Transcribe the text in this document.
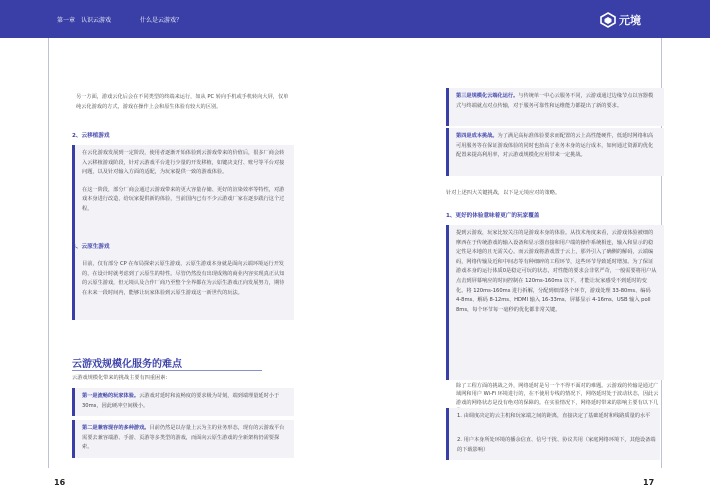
第一章　认识云游戏	什么是云游戏？	元境
另一方面，游戏云化后会在不同类型的终端来运行，如从 PC 转向手机或手机转向大屏，仅单纯云化游戏的方式，游戏在操作上会和原生体验有较大的区别。
2、云移植游戏
在云化游戏发展到一定阶段，使用者逐渐开始体验到云游戏带来的价值后，很多厂商会转入云移植游戏阶段，针对云游戏平台进行少量的开发移植，如键决支付、账号等平台对接问题，以及针对输入方面的适配，为玩家提供一致的游戏体验。
在这一阶段，部分厂商会通过云游戏带来的更大容量存储、更好的渲染效率等特性，对游戏本身进行改造，给玩家提供新的体验，当前国内已有不少云游戏厂家在逐步践行这个过程。
3、云原生游戏
目前，仅有部分 CP 在布局探索云原生游戏，云原生游戏本身就是面向云端环境运行开发的，在设计时就考虑到了云原生的特性。尽管仍然没有出现成熟的商业内容实现真正认知的云原生游戏，但元境认及合作厂商乃至整个全界都在为云原生游戏正向发展努力，期待在未来一段时间内，能够让玩家体验到云原生游戏这一新世代的玩法。
云游戏规模化服务的难点
云游戏规模化带来的挑战主要有四重困素：
第一是流畅的玩家体验。云游戏对延时和流畅度的要求极为苛刻，端到端理量延时小于 30ms，因此硬冲空间极小。
第二是兼容现存的多种游戏。目前仍然是以存量上云为主的业务形态，现有的云游戏平台需要去兼容端游、手游、页游等多类型的游戏，而面向云原生游戏的全新架构仍需要探索。
第三是规模化云端化运行。与传统单一中心云服务不同，云游戏通过边缘节点以容器模式与终端就点对点传输，对于服务可靠性和运维能力都提出了新的要求。
第四是成本挑战。为了满足高标准体验要求而配置的云上高性能硬件，低延时网络和高可用服务等在保证游戏体验的同时也抬高了业务本身的运行成本，如何通过资源的优化配置来提高利用率，对云游戏规模化应用带来一定挑战。
针对上述四大关键挑战，以下是元境应对的策略。
1、更好的体验意味着更广的玩家覆盖
提到云游戏，玩家比较关注的是游戏本身的体验。从技术角度来看，云游戏体验被细的摩西在于传统游戏的输入设备和显示器直接和用户端的操作系统相连，输入和显示的稳定性是本地的且无需关心。而云游戏将游戏置于云上，那外引入了确侧的解码，云端编码，网络传输及近和中间态等有种细碎的工程环节，这些环节导致延时增加。为了保证游戏本身的运行体质0是稳定可玩的状态，对性能的要求会非常严苛，一般需要将用户从点击到屏幕响应的时间控制在 120ms-160ms 以下，才能让玩家感受不到延时的变化。将 120ms-160ms 进行拆解，分配到细部各个环节，游戏处理 33-80ms、编码 4-8ms、解码 8-12ms、HDMI 输入 16-33ms、屏幕显示 4-16ms、USB 输入 poll 8ms，每个环节每一毫秒的优化都非常关键。
除了工程方面的挑战之外，网络延时是另一个不得不面对的难题。云游戏的传输是通过广域网和用户 Wi-Fi 环境进行的，在不使用专线的情况下，网络延时处于波动状态，因此云游戏的网络状态是没有绝对的保障的。在实验情况下，网络延时带来的影响主要有以下几
1. 由调度决定的云主机和玩家端之间的距离，直接决定了基础延时和线路质量的水平
2. 用户本身所处环境的播余信直、信号干扰、协议共用（家庭网络环境下，其他设备端的下载影响）
16	17
